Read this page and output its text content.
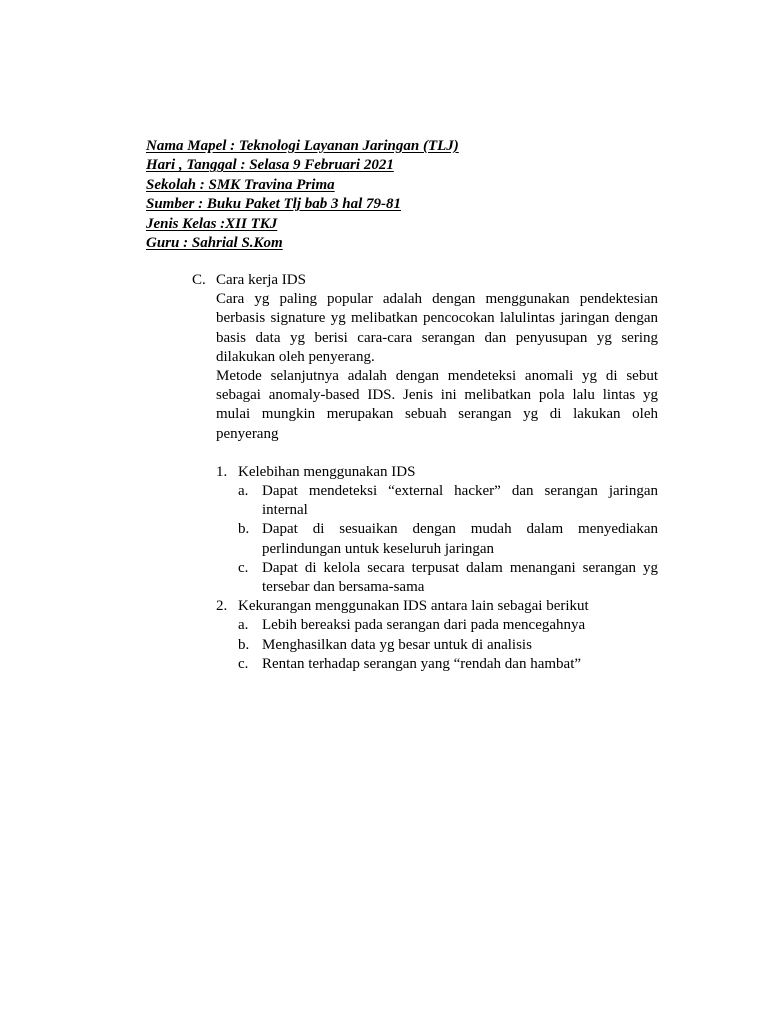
Nama Mapel : Teknologi Layanan Jaringan (TLJ)
Hari , Tanggal : Selasa 9 Februari 2021
Sekolah : SMK Travina Prima
Sumber : Buku Paket Tlj bab 3 hal 79-81
Jenis Kelas :XII TKJ
Guru : Sahrial S.Kom
C. Cara kerja IDS
Cara yg paling popular adalah dengan menggunakan pendektesian berbasis signature yg melibatkan pencocokan lalulintas jaringan dengan basis data yg berisi cara-cara serangan dan penyusupan yg sering dilakukan oleh penyerang.
Metode selanjutnya adalah dengan mendeteksi anomali yg di sebut sebagai anomaly-based IDS. Jenis ini melibatkan pola lalu lintas yg mulai mungkin merupakan sebuah serangan yg di lakukan oleh penyerang
1. Kelebihan menggunakan IDS
a. Dapat mendeteksi “external hacker” dan serangan jaringan internal
b. Dapat di sesuaikan dengan mudah dalam menyediakan perlindungan untuk keseluruh jaringan
c. Dapat di kelola secara terpusat dalam menangani serangan yg tersebar dan bersama-sama
2. Kekurangan menggunakan IDS antara lain sebagai berikut
a. Lebih bereaksi pada serangan dari pada mencegahnya
b. Menghasilkan data yg besar untuk di analisis
c. Rentan terhadap serangan yang “rendah dan hambat”
